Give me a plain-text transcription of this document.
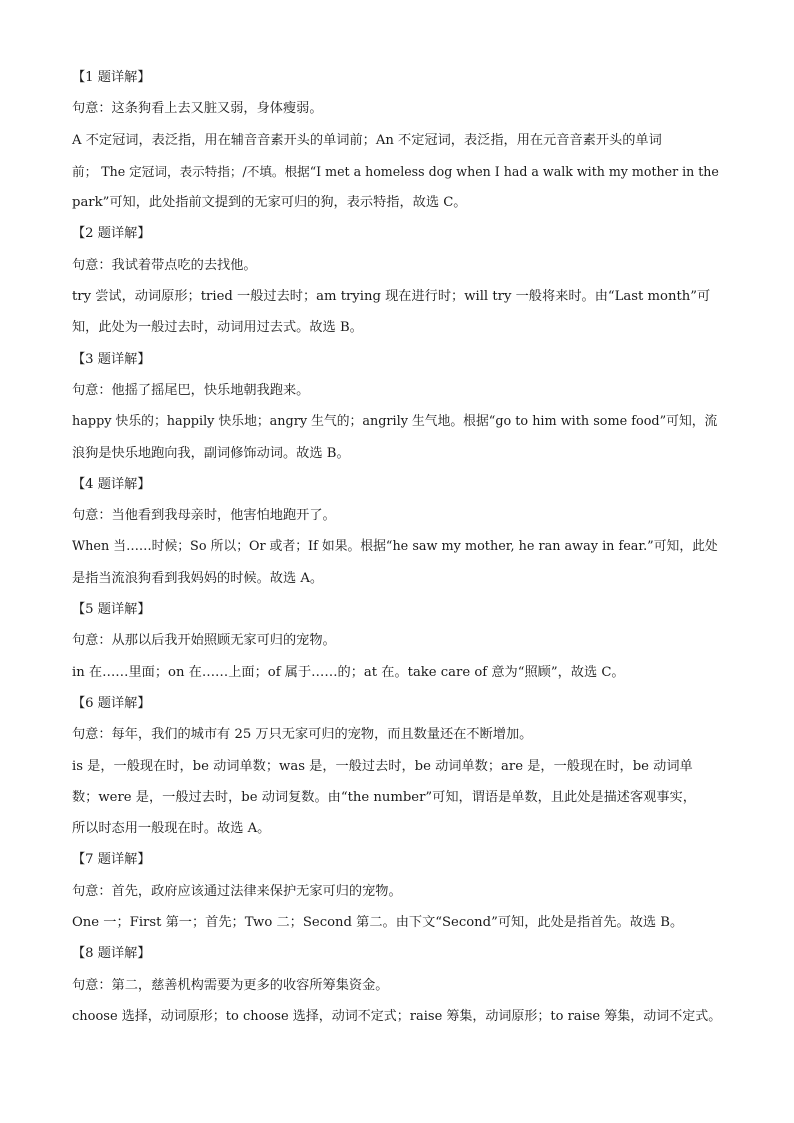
【1 题详解】
句意：这条狗看上去又脏又弱，身体瘦弱。
A 不定冠词，表泛指，用在辅音音素开头的单词前；An 不定冠词，表泛指，用在元音音素开头的单词
前； The 定冠词，表示特指；/不填。根据“I met a homeless dog when I had a walk with my mother in the
park”可知，此处指前文提到的无家可归的狗，表示特指，故选 C。
【2 题详解】
句意：我试着带点吃的去找他。
try 尝试，动词原形；tried 一般过去时；am trying 现在进行时；will try 一般将来时。由“Last month”可
知，此处为一般过去时，动词用过去式。故选 B。
【3 题详解】
句意：他摇了摇尾巴，快乐地朝我跑来。
happy 快乐的；happily 快乐地；angry 生气的；angrily 生气地。根据“go to him with some food”可知，流
浪狗是快乐地跑向我，副词修饰动词。故选 B。
【4 题详解】
句意：当他看到我母亲时，他害怕地跑开了。
When 当……时候；So 所以；Or 或者；If 如果。根据“he saw my mother, he ran away in fear.”可知，此处
是指当流浪狗看到我妈妈的时候。故选 A。
【5 题详解】
句意：从那以后我开始照顾无家可归的宠物。
in 在……里面；on 在……上面；of 属于……的；at 在。take care of 意为“照顾”，故选 C。
【6 题详解】
句意：每年，我们的城市有 25 万只无家可归的宠物，而且数量还在不断增加。
is 是，一般现在时，be 动词单数；was 是，一般过去时，be 动词单数；are 是，一般现在时，be 动词单
数；were 是，一般过去时，be 动词复数。由“the number”可知，谓语是单数，且此处是描述客观事实，
所以时态用一般现在时。故选 A。
【7 题详解】
句意：首先，政府应该通过法律来保护无家可归的宠物。
One 一；First 第一；首先；Two 二；Second 第二。由下文“Second”可知，此处是指首先。故选 B。
【8 题详解】
句意：第二，慈善机构需要为更多的收容所筹集资金。
choose 选择，动词原形；to choose 选择，动词不定式；raise 筹集，动词原形；to raise 筹集，动词不定式。
